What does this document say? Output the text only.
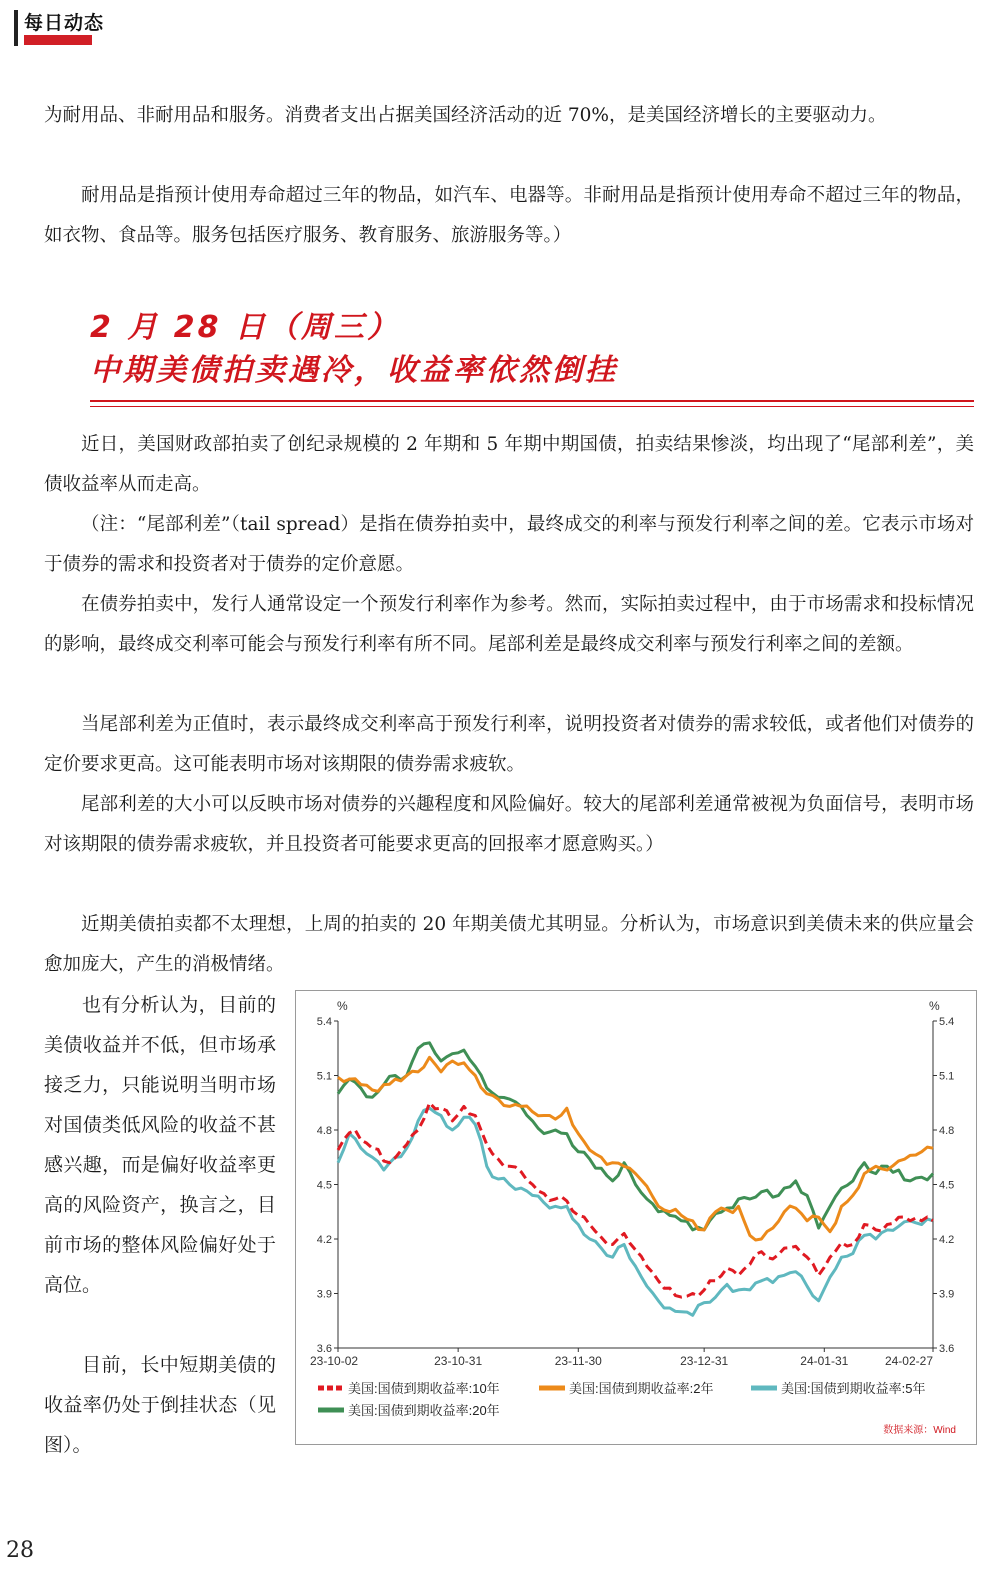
每日动态

为耐用品、非耐用品和服务。消费者支出占据美国经济活动的近 70%，是美国经济增长的主要驱动力。

耐用品是指预计使用寿命超过三年的物品，如汽车、电器等。非耐用品是指预计使用寿命不超过三年的物品，如衣物、食品等。服务包括医疗服务、教育服务、旅游服务等。）

2 月 28 日（周三）
中期美债拍卖遇冷，收益率依然倒挂

近日，美国财政部拍卖了创纪录规模的 2 年期和 5 年期中期国债，拍卖结果惨淡，均出现了“尾部利差”，美债收益率从而走高。

（注：“尾部利差”（tail spread）是指在债券拍卖中，最终成交的利率与预发行利率之间的差。它表示市场对于债券的需求和投资者对于债券的定价意愿。

在债券拍卖中，发行人通常设定一个预发行利率作为参考。然而，实际拍卖过程中，由于市场需求和投标情况的影响，最终成交利率可能会与预发行利率有所不同。尾部利差是最终成交利率与预发行利率之间的差额。

当尾部利差为正值时，表示最终成交利率高于预发行利率，说明投资者对债券的需求较低，或者他们对债券的定价要求更高。这可能表明市场对该期限的债券需求疲软。

尾部利差的大小可以反映市场对债券的兴趣程度和风险偏好。较大的尾部利差通常被视为负面信号，表明市场对该期限的债券需求疲软，并且投资者可能要求更高的回报率才愿意购买。）

近期美债拍卖都不太理想，上周的拍卖的 20 年期美债尤其明显。分析认为，市场意识到美债未来的供应量会愈加庞大，产生的消极情绪。

也有分析认为，目前的美债收益并不低，但市场承接乏力，只能说明当明市场对国债类低风险的收益不甚感兴趣，而是偏好收益率更高的风险资产，换言之，目前市场的整体风险偏好处于高位。

目前，长中短期美债的收益率仍处于倒挂状态（见图）。

5.4	5.4
5.1	5.1
4.8	4.8
4.5	4.5
4.2	4.2
3.9	3.9
3.6	3.6
23-10-02	23-10-31	23-11-30	23-12-31	24-01-31	24-02-27
美国:国债到期收益率:10年	美国:国债到期收益率:2年	美国:国债到期收益率:5年
美国:国债到期收益率:20年
%	%
数据来源：Wind
28
